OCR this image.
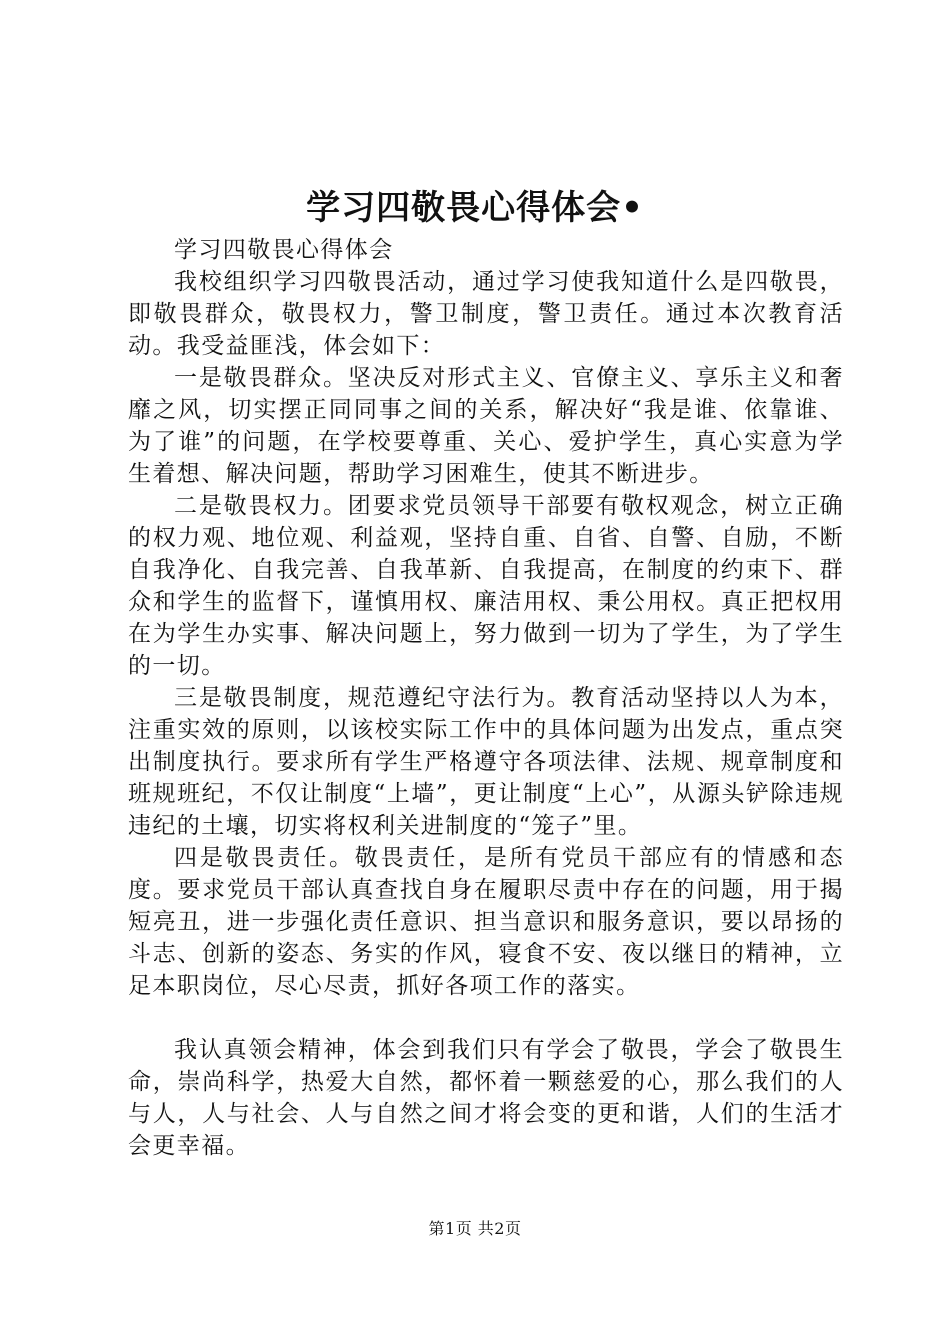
学习四敬畏心得体会•

学习四敬畏心得体会

我校组织学习四敬畏活动，通过学习使我知道什么是四敬畏，即敬畏群众，敬畏权力，警卫制度，警卫责任。通过本次教育活动。我受益匪浅，体会如下：

一是敬畏群众。坚决反对形式主义、官僚主义、享乐主义和奢靡之风，切实摆正同同事之间的关系，解决好“我是谁、依靠谁、为了谁”的问题，在学校要尊重、关心、爱护学生，真心实意为学生着想、解决问题，帮助学习困难生，使其不断进步。

二是敬畏权力。团要求党员领导干部要有敬权观念，树立正确的权力观、地位观、利益观，坚持自重、自省、自警、自励，不断自我净化、自我完善、自我革新、自我提高，在制度的约束下、群众和学生的监督下，谨慎用权、廉洁用权、秉公用权。真正把权用在为学生办实事、解决问题上，努力做到一切为了学生，为了学生的一切。

三是敬畏制度，规范遵纪守法行为。教育活动坚持以人为本，注重实效的原则，以该校实际工作中的具体问题为出发点，重点突出制度执行。要求所有学生严格遵守各项法律、法规、规章制度和班规班纪，不仅让制度“上墙”，更让制度“上心”，从源头铲除违规违纪的土壤，切实将权利关进制度的“笼子”里。

四是敬畏责任。敬畏责任，是所有党员干部应有的情感和态度。要求党员干部认真查找自身在履职尽责中存在的问题，用于揭短亮丑，进一步强化责任意识、担当意识和服务意识，要以昂扬的斗志、创新的姿态、务实的作风，寝食不安、夜以继日的精神，立足本职岗位，尽心尽责，抓好各项工作的落实。

我认真领会精神，体会到我们只有学会了敬畏，学会了敬畏生命，崇尚科学，热爱大自然，都怀着一颗慈爱的心，那么我们的人与人，人与社会、人与自然之间才将会变的更和谐，人们的生活才会更幸福。

第1页 共2页
